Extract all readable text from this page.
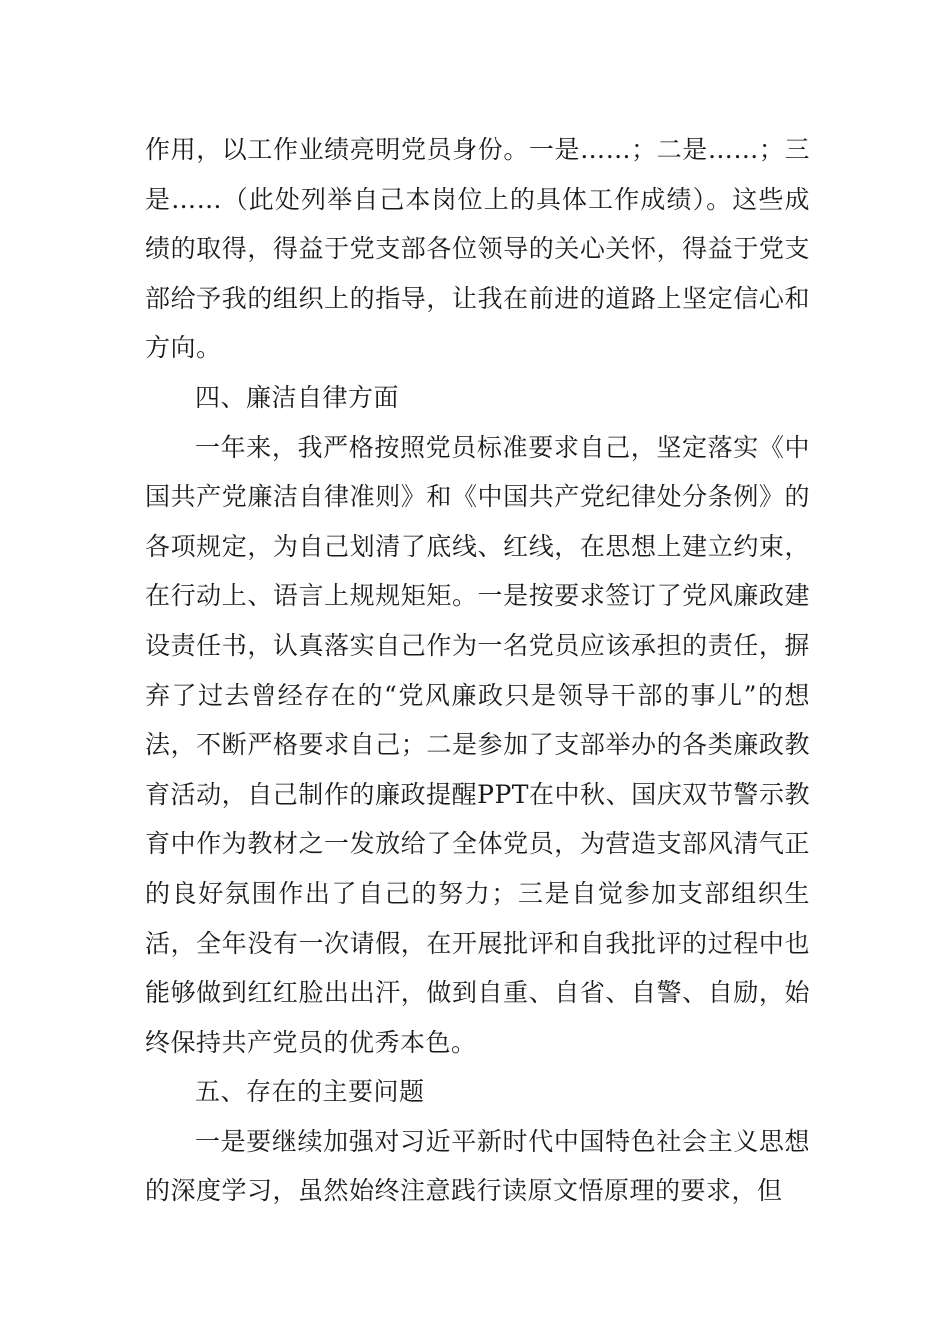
作用，以工作业绩亮明党员身份。一是……；二是……；三是……（此处列举自己本岗位上的具体工作成绩）。这些成绩的取得，得益于党支部各位领导的关心关怀，得益于党支部给予我的组织上的指导，让我在前进的道路上坚定信心和方向。

四、廉洁自律方面

一年来，我严格按照党员标准要求自己，坚定落实《中国共产党廉洁自律准则》和《中国共产党纪律处分条例》的各项规定，为自己划清了底线、红线，在思想上建立约束，在行动上、语言上规规矩矩。一是按要求签订了党风廉政建设责任书，认真落实自己作为一名党员应该承担的责任，摒弃了过去曾经存在的“党风廉政只是领导干部的事儿”的想法，不断严格要求自己；二是参加了支部举办的各类廉政教育活动，自己制作的廉政提醒PPT在中秋、国庆双节警示教育中作为教材之一发放给了全体党员，为营造支部风清气正的良好氛围作出了自己的努力；三是自觉参加支部组织生活，全年没有一次请假，在开展批评和自我批评的过程中也能够做到红红脸出出汗，做到自重、自省、自警、自励，始终保持共产党员的优秀本色。

五、存在的主要问题

一是要继续加强对习近平新时代中国特色社会主义思想的深度学习，虽然始终注意践行读原文悟原理的要求，但
